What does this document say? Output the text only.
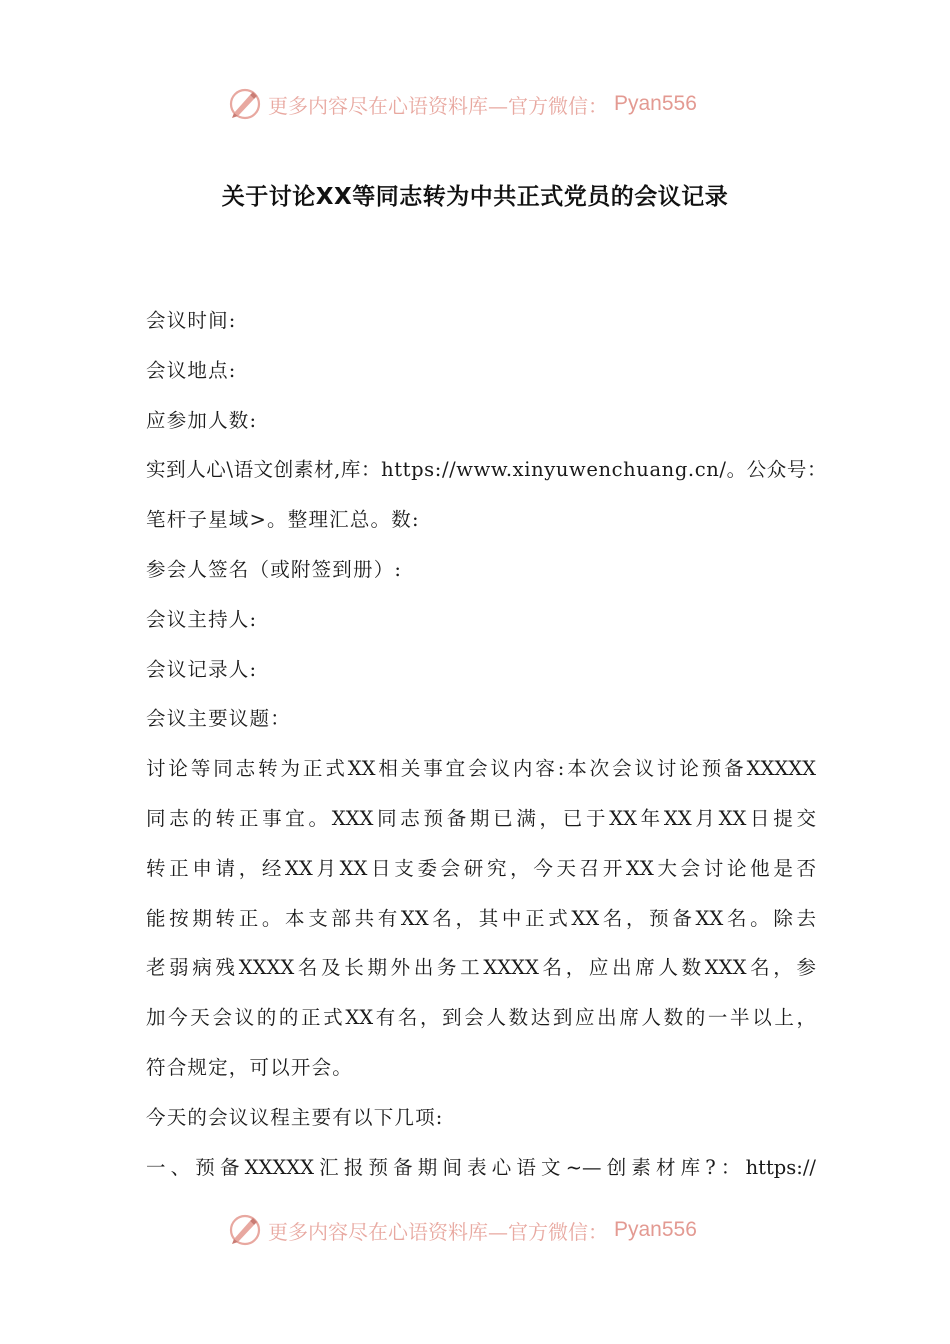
更多内容尽在心语资料库—官方微信： Pyan556
关于讨论XX等同志转为中共正式党员的会议记录
会议时间:
会议地点:
应参加人数:
实到人心\语文创素材,库：https://www.xinyuwenchuang.cn/。公众号：
笔杆子星域>。整理汇总。数:
参会人签名（或附签到册）:
会议主持人:
会议记录人:
会议主要议题：
讨论等同志转为正式XX相关事宜会议内容:本次会议讨论预备XXXXX
同志的转正事宜。XXX同志预备期已满，已于XX年XX月XX日提交
转正申请，经XX月XX日支委会研究，今天召开XX大会讨论他是否
能按期转正。本支部共有XX名，其中正式XX名，预备XX名。除去
老弱病残XXXX名及长期外出务工XXXX名，应出席人数XXX名，参
加今天会议的的正式XX有名，到会人数达到应出席人数的一半以上，
符合规定，可以开会。
今天的会议议程主要有以下几项:
一、预备XXXXX汇报预备期间表心语文~—创素材库?：https://
更多内容尽在心语资料库—官方微信： Pyan556
